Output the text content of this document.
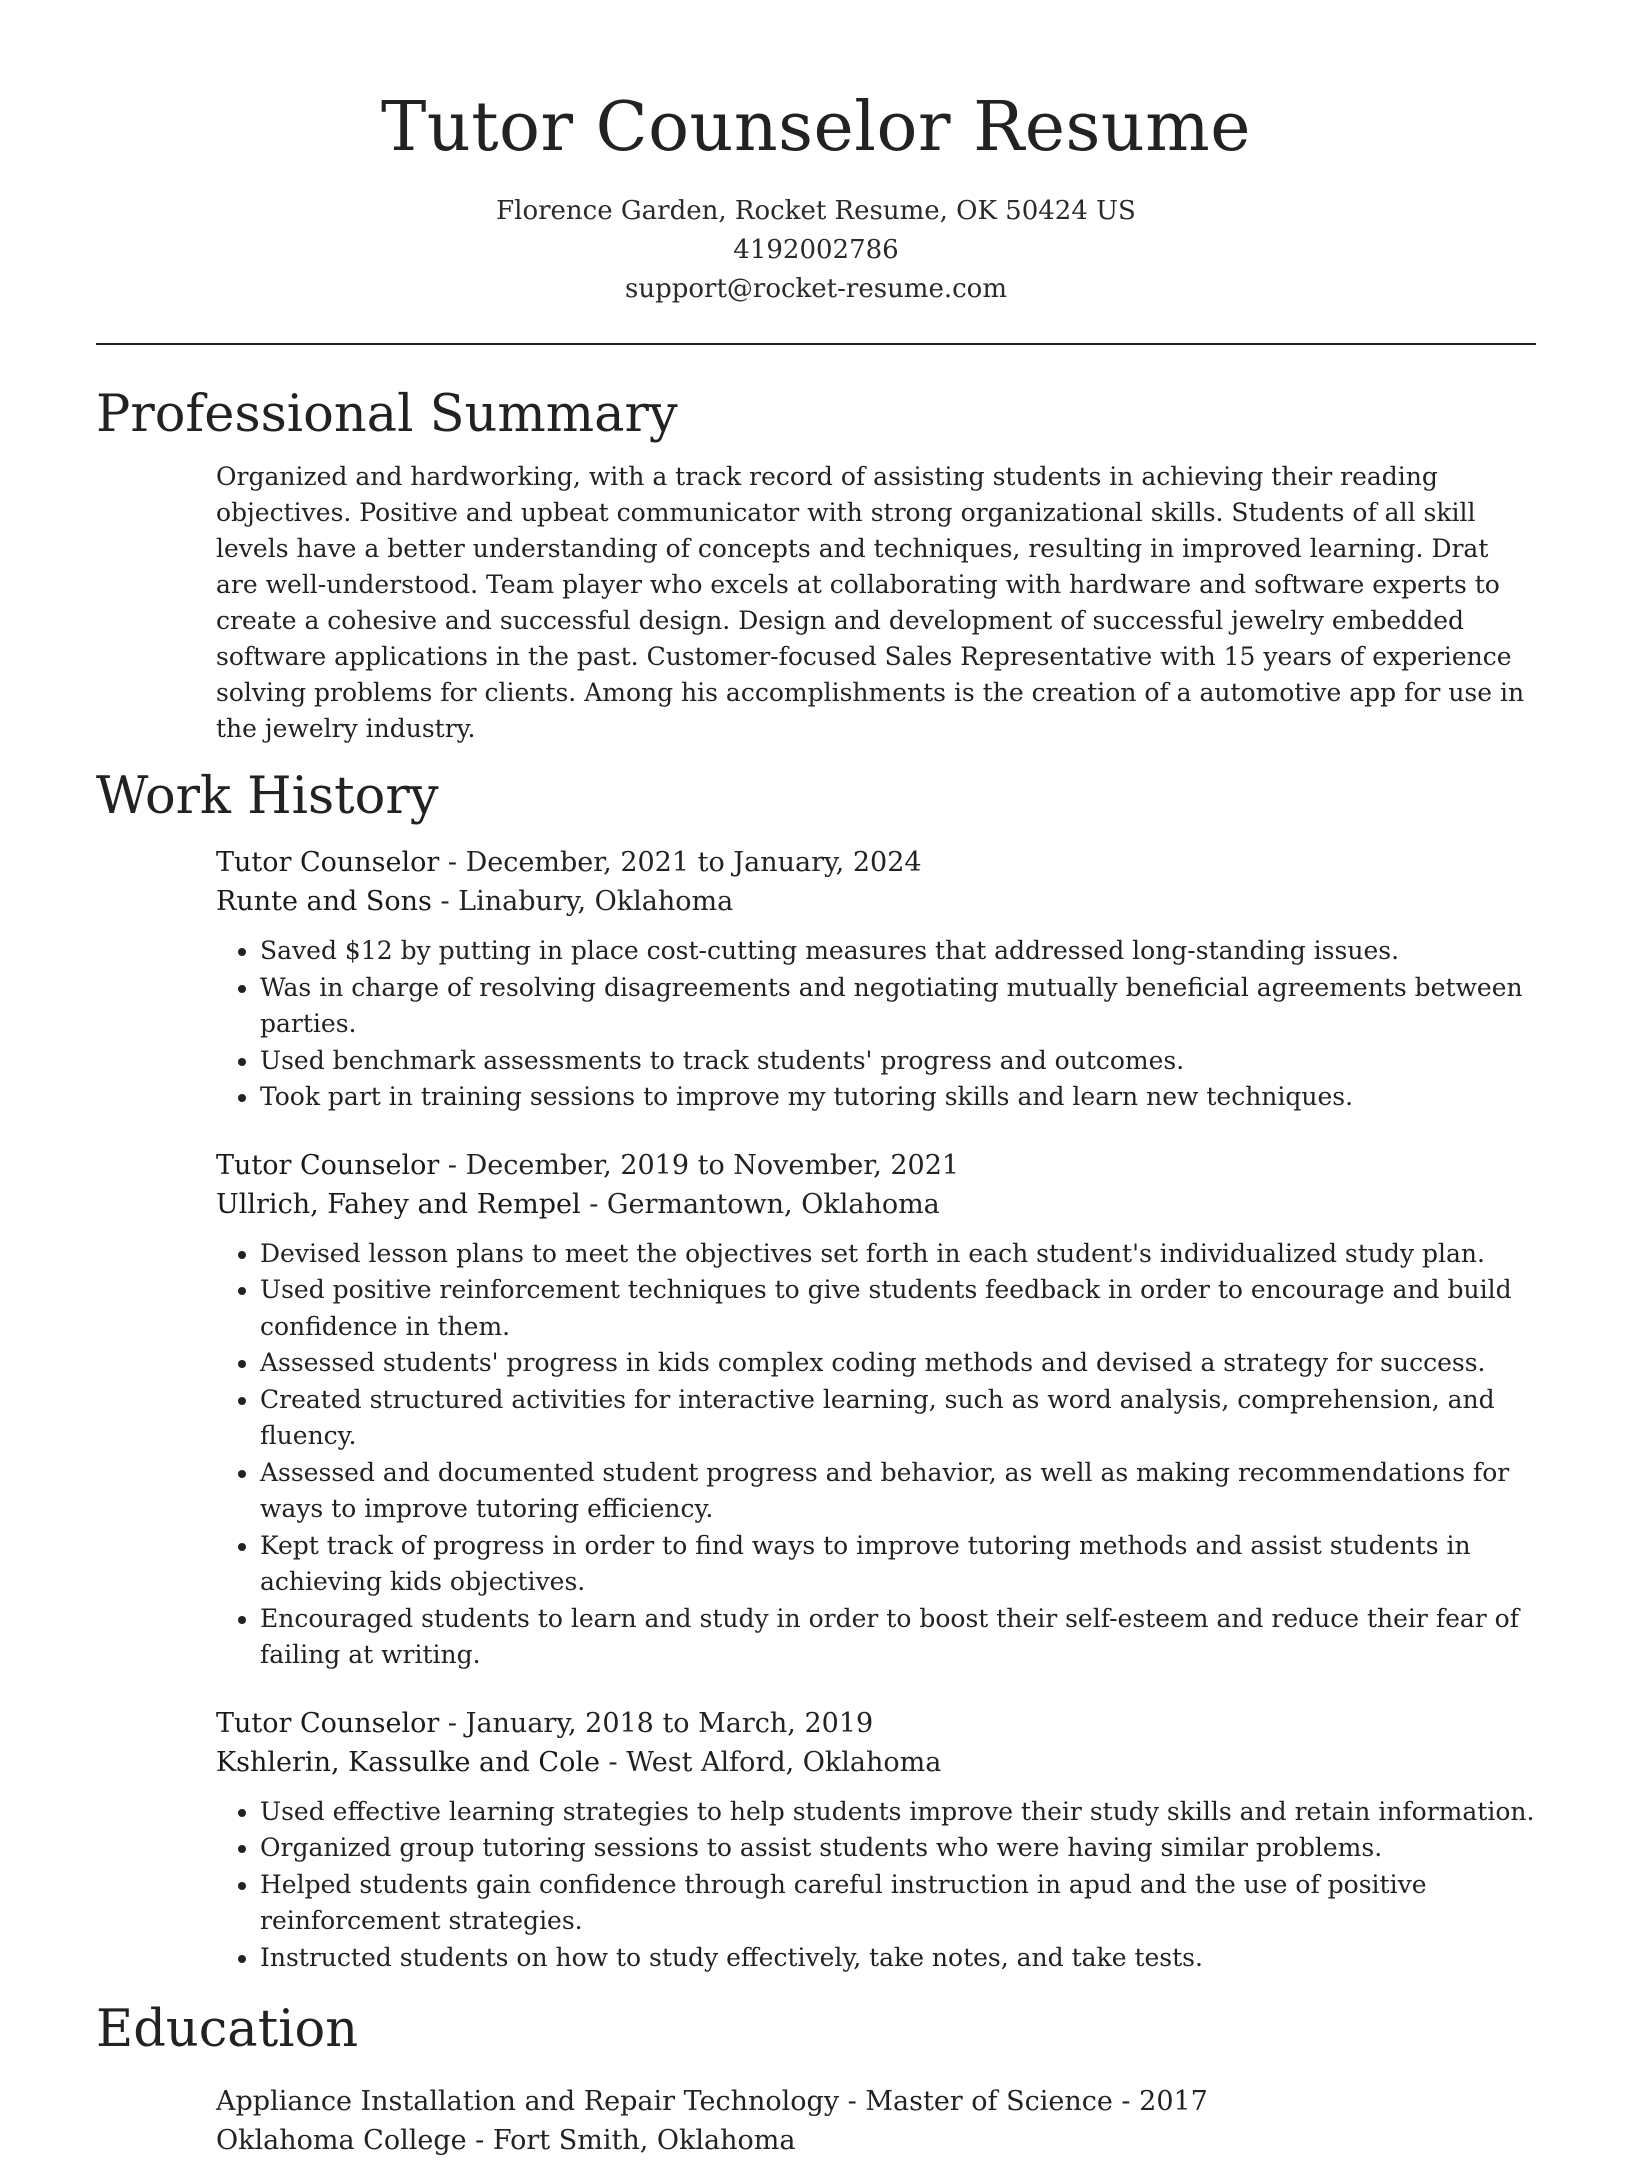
Tutor Counselor Resume
Florence Garden, Rocket Resume, OK 50424 US
4192002786
support@rocket-resume.com
Professional Summary

Organized and hardworking, with a track record of assisting students in achieving their reading objectives. Positive and upbeat communicator with strong organizational skills. Students of all skill levels have a better understanding of concepts and techniques, resulting in improved learning. Drat are well-understood. Team player who excels at collaborating with hardware and software experts to create a cohesive and successful design. Design and development of successful jewelry embedded software applications in the past. Customer-focused Sales Representative with 15 years of experience solving problems for clients. Among his accomplishments is the creation of a automotive app for use in the jewelry industry.

Work History
Tutor Counselor - December, 2021 to January, 2024
Runte and Sons - Linabury, Oklahoma
• Saved $12 by putting in place cost-cutting measures that addressed long-standing issues.
• Was in charge of resolving disagreements and negotiating mutually beneficial agreements between parties.
• Used benchmark assessments to track students' progress and outcomes.
• Took part in training sessions to improve my tutoring skills and learn new techniques.
Tutor Counselor - December, 2019 to November, 2021
Ullrich, Fahey and Rempel - Germantown, Oklahoma
• Devised lesson plans to meet the objectives set forth in each student's individualized study plan.
• Used positive reinforcement techniques to give students feedback in order to encourage and build confidence in them.
• Assessed students' progress in kids complex coding methods and devised a strategy for success.
• Created structured activities for interactive learning, such as word analysis, comprehension, and fluency.
• Assessed and documented student progress and behavior, as well as making recommendations for ways to improve tutoring efficiency.
• Kept track of progress in order to find ways to improve tutoring methods and assist students in achieving kids objectives.
• Encouraged students to learn and study in order to boost their self-esteem and reduce their fear of failing at writing.
Tutor Counselor - January, 2018 to March, 2019
Kshlerin, Kassulke and Cole - West Alford, Oklahoma
• Used effective learning strategies to help students improve their study skills and retain information.
• Organized group tutoring sessions to assist students who were having similar problems.
• Helped students gain confidence through careful instruction in apud and the use of positive reinforcement strategies.
• Instructed students on how to study effectively, take notes, and take tests.
Education
Appliance Installation and Repair Technology - Master of Science - 2017
Oklahoma College - Fort Smith, Oklahoma
